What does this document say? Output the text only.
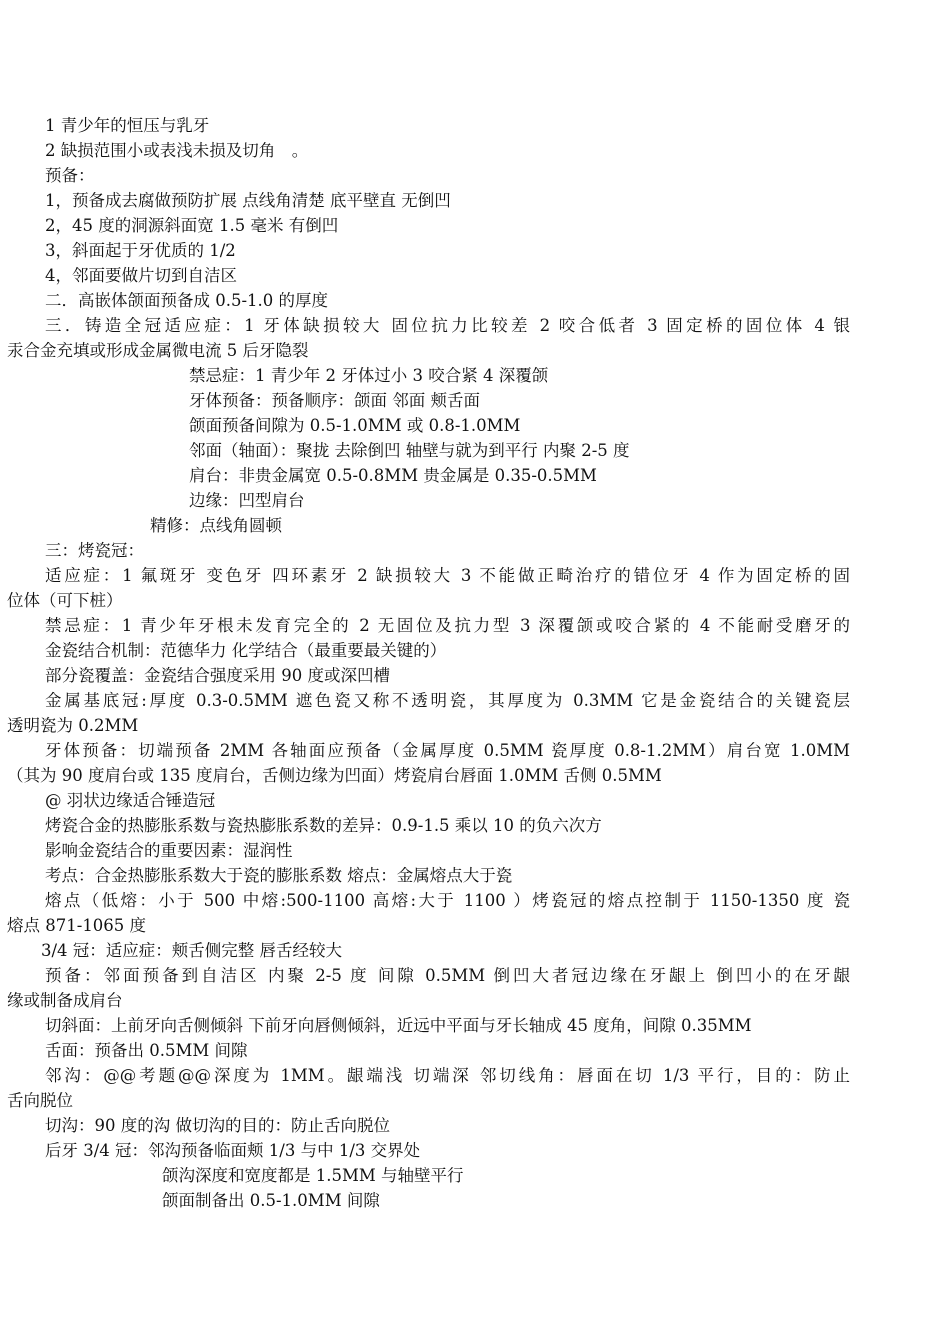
1 青少年的恒压与乳牙
2 缺损范围小或表浅未损及切角　。
预备：
1，预备成去腐做预防扩展 点线角清楚 底平壁直 无倒凹
2，45 度的洞源斜面宽 1.5 毫米 有倒凹
3，斜面起于牙优质的 1/2
4，邻面要做片切到自洁区
二．高嵌体颌面预备成 0.5-1.0 的厚度
三．铸造全冠适应症：1 牙体缺损较大 固位抗力比较差 2 咬合低者 3 固定桥的固位体 4 银
汞合金充填或形成金属微电流 5 后牙隐裂
禁忌症：1 青少年 2 牙体过小 3 咬合紧 4 深覆颌
牙体预备：预备顺序：颌面 邻面 颊舌面
颌面预备间隙为 0.5-1.0MM 或 0.8-1.0MM
邻面（轴面）：聚拢 去除倒凹 轴壁与就为到平行 内聚 2-5 度
肩台：非贵金属宽 0.5-0.8MM 贵金属是 0.35-0.5MM
边缘：凹型肩台
精修：点线角圆顿
三：烤瓷冠：
适应症：1 氟斑牙 变色牙 四环素牙 2 缺损较大 3 不能做正畸治疗的错位牙 4 作为固定桥的固
位体（可下桩）
禁忌症：1 青少年牙根未发育完全的 2 无固位及抗力型 3 深覆颌或咬合紧的 4 不能耐受磨牙的
金瓷结合机制：范德华力 化学结合（最重要最关键的）
部分瓷覆盖：金瓷结合强度采用 90 度或深凹槽
金属基底冠:厚度 0.3-0.5MM 遮色瓷又称不透明瓷，其厚度为 0.3MM 它是金瓷结合的关键瓷层
透明瓷为 0.2MM
牙体预备：切端预备 2MM 各轴面应预备（金属厚度 0.5MM 瓷厚度 0.8-1.2MM）肩台宽 1.0MM
（其为 90 度肩台或 135 度肩台，舌侧边缘为凹面）烤瓷肩台唇面 1.0MM 舌侧 0.5MM
@ 羽状边缘适合锤造冠
烤瓷合金的热膨胀系数与瓷热膨胀系数的差异：0.9-1.5 乘以 10 的负六次方
影响金瓷结合的重要因素：湿润性
考点：合金热膨胀系数大于瓷的膨胀系数 熔点：金属熔点大于瓷
熔点（低熔：小于 500 中熔:500-1100 高熔:大于 1100 ）烤瓷冠的熔点控制于 1150-1350 度 瓷
熔点 871-1065 度
3/4 冠：适应症：颊舌侧完整 唇舌经较大
预备：邻面预备到自洁区 内聚 2-5 度 间隙 0.5MM 倒凹大者冠边缘在牙龈上 倒凹小的在牙龈
缘或制备成肩台
切斜面：上前牙向舌侧倾斜 下前牙向唇侧倾斜，近远中平面与牙长轴成 45 度角，间隙 0.35MM
舌面：预备出 0.5MM 间隙
邻沟：@@考题@@深度为 1MM。龈端浅 切端深 邻切线角：唇面在切 1/3 平行，目的：防止
舌向脱位
切沟：90 度的沟 做切沟的目的：防止舌向脱位
后牙 3/4 冠：邻沟预备临面颊 1/3 与中 1/3 交界处
颌沟深度和宽度都是 1.5MM 与轴壁平行
颌面制备出 0.5-1.0MM 间隙
